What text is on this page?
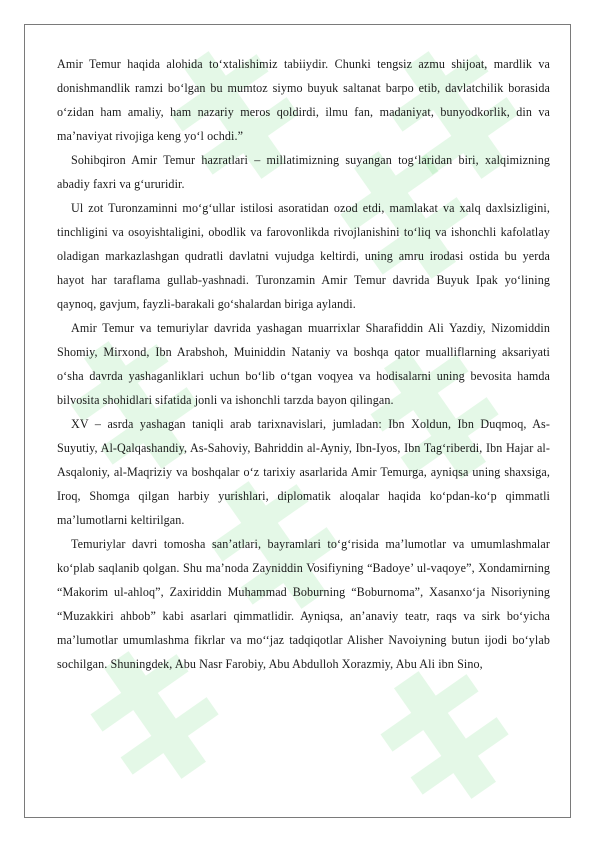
Amir Temur haqida alohida to‘xtalishimiz tabiiydir. Chunki tengsiz azmu shijoat, mardlik va donishmandlik ramzi bo‘lgan bu mumtoz siymo buyuk saltanat barpo etib, davlatchilik borasida o‘zidan ham amaliy, ham nazariy meros qoldirdi, ilmu fan, madaniyat, bunyodkorlik, din va ma’naviyat rivojiga keng yo‘l ochdi.”

Sohibqiron Amir Temur hazratlari – millatimizning suyangan tog‘laridan biri, xalqimizning abadiy faxri va g‘ururidir.

Ul zot Turonzaminni mo‘g‘ullar istilosi asoratidan ozod etdi, mamlakat va xalq daxlsizligini, tinchligini va osoyishtaligini, obodlik va farovonlikda rivojlanishini to‘liq va ishonchli kafolatlay oladigan markazlashgan qudratli davlatni vujudga keltirdi, uning amru irodasi ostida bu yerda hayot har taraflama gullab-yashnadi. Turonzamin Amir Temur davrida Buyuk Ipak yo‘lining qaynoq, gavjum, fayzli-barakali go‘shalardan biriga aylandi.

Amir Temur va temuriylar davrida yashagan muarrixlar Sharafiddin Ali Yazdiy, Nizomiddin Shomiy, Mirxond, Ibn Arabshoh, Muiniddin Nataniy va boshqa qator mualliflarning aksariyati o‘sha davrda yashaganliklari uchun bo‘lib o‘tgan voqyea va hodisalarni uning bevosita hamda bilvosita shohidlari sifatida jonli va ishonchli tarzda bayon qilingan.

XV – asrda yashagan taniqli arab tarixnavislari, jumladan: Ibn Xoldun, Ibn Duqmoq, As-Suyutiy, Al-Qalqashandiy, As-Sahoviy, Bahriddin al-Ayniy, Ibn-Iyos, Ibn Tag‘riberdi, Ibn Hajar al-Asqaloniy, al-Maqriziy va boshqalar o‘z tarixiy asarlarida Amir Temurga, ayniqsa uning shaxsiga, Iroq, Shomga qilgan harbiy yurishlari, diplomatik aloqalar haqida ko‘pdan-ko‘p qimmatli ma’lumotlarni keltirilgan.

Temuriylar davri tomosha san’atlari, bayramlari to‘g‘risida ma’lumotlar va umumlashmalar ko‘plab saqlanib qolgan. Shu ma’noda Zayniddin Vosifiyning “Badoye’ ul-vaqoye”, Xondamirning “Makorim ul-ahloq”, Zaxiriddin Muhammad Boburning “Boburnoma”, Xasanxo‘ja Nisoriyning “Muzakkiri ahbob” kabi asarlari qimmatlidir. Ayniqsa, an’anaviy teatr, raqs va sirk bo‘yicha ma’lumotlar umumlashma fikrlar va mo‘‘jaz tadqiqotlar Alisher Navoiyning butun ijodi bo‘ylab sochilgan. Shuningdek, Abu Nasr Farobiy, Abu Abdulloh Xorazmiy, Abu Ali ibn Sino,
